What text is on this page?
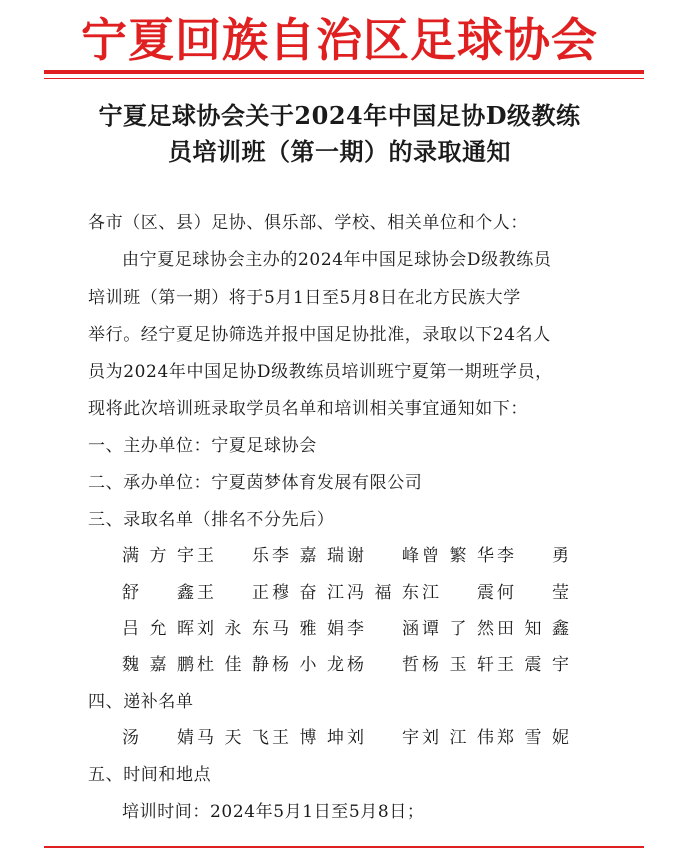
宁夏回族自治区足球协会
宁夏足球协会关于2024年中国足协D级教练
员培训班（第一期）的录取通知
各市（区、县）足协、俱乐部、学校、相关单位和个人：
由宁夏足球协会主办的2024年中国足球协会D级教练员
培训班（第一期）将于5月1日至5月8日在北方民族大学
举行。经宁夏足协筛选并报中国足协批准，录取以下24名人
员为2024年中国足协D级教练员培训班宁夏第一期班学员，
现将此次培训班录取学员名单和培训相关事宜通知如下：
一、主办单位：宁夏足球协会
二、承办单位：宁夏茵梦体育发展有限公司
三、录取名单（排名不分先后）
满方宇 王乐 李嘉瑞 谢峰 曾繁华 李勇
舒鑫 王正 穆奋江 冯福东 江震 何莹
吕允晖 刘永东 马雅娟 李涵 谭了然 田知鑫
魏嘉鹏 杜佳静 杨小龙 杨哲 杨玉轩 王震宇
四、递补名单
汤婧 马天飞 王博坤 刘宇 刘江伟 郑雪妮
五、时间和地点
培训时间：2024年5月1日至5月8日；
